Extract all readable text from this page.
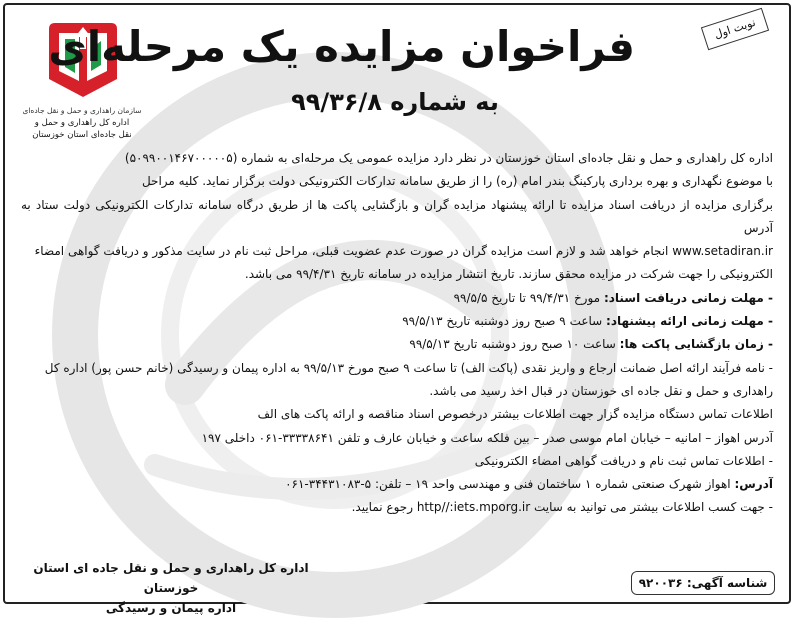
سازمان راهداری و حمل و نقل جاده‌ای
اداره کل راهداری و حمل و
نقل جاده‌ای استان خوزستان
نوبت اول
فراخوان مزایده یک مرحله‌ای
به شماره ۹۹/۳۶/۸

اداره کل راهداری و حمل و نقل جاده‌ای استان خوزستان در نظر دارد مزایده عمومی یک مرحله‌ای به شماره (۵۰۹۹۰۰۱۴۶۷۰۰۰۰۰۵)

با موضوع نگهداری و بهره برداری پارکینگ بندر امام (ره) را از طریق سامانه تدارکات الکترونیکی دولت برگزار نماید. کلیه مراحل

برگزاری مزایده از دریافت اسناد مزایده تا ارائه پیشنهاد مزایده گران و بازگشایی پاکت ها از طریق درگاه سامانه تدارکات الکترونیکی دولت ستاد به آدرس

www.setadiran.ir انجام خواهد شد و لازم است مزایده گران در صورت عدم عضویت قبلی، مراحل ثبت نام در سایت مذکور و دریافت گواهی امضاء

الکترونیکی را جهت شرکت در مزایده محقق سازند. تاریخ انتشار مزایده در سامانه تاریخ ۹۹/۴/۳۱ می باشد.

- مهلت زمانی دریافت اسناد: مورخ ۹۹/۴/۳۱ تا تاریخ ۹۹/۵/۵

- مهلت زمانی ارائه پیشنهاد: ساعت ۹ صبح روز دوشنبه تاریخ ۹۹/۵/۱۳

- زمان بازگشایی پاکت ها: ساعت ۱۰ صبح روز دوشنبه تاریخ ۹۹/۵/۱۳

- نامه فرآیند ارائه اصل ضمانت ارجاع و واریز نقدی (پاکت الف) تا ساعت ۹ صبح مورخ ۹۹/۵/۱۳ به اداره پیمان و رسیدگی (خانم حسن پور) اداره کل

راهداری و حمل و نقل جاده ای خوزستان در قبال اخذ رسید می باشد.

اطلاعات تماس دستگاه مزایده گزار جهت اطلاعات بیشتر درخصوص اسناد مناقصه و ارائه پاکت های الف

آدرس اهواز – امانیه – خیابان امام موسی صدر – بین فلکه ساعت و خیابان عارف و تلفن ۳۳۳۳۸۶۴۱-۰۶۱ داخلی ۱۹۷

- اطلاعات تماس ثبت نام و دریافت گواهی امضاء الکترونیکی

آدرس: اهواز شهرک صنعتی شماره ۱ ساختمان فنی و مهندسی واحد ۱۹ – تلفن: ۵-۳۴۴۳۱۰۸۳-۰۶۱

- جهت کسب اطلاعات بیشتر می توانید به سایت http//:iets.mporg.ir رجوع نمایید.

اداره کل راهداری و حمل و نقل جاده ای استان خوزستان
اداره پیمان و رسیدگی
شناسه آگهی: ۹۲۰۰۳۶
